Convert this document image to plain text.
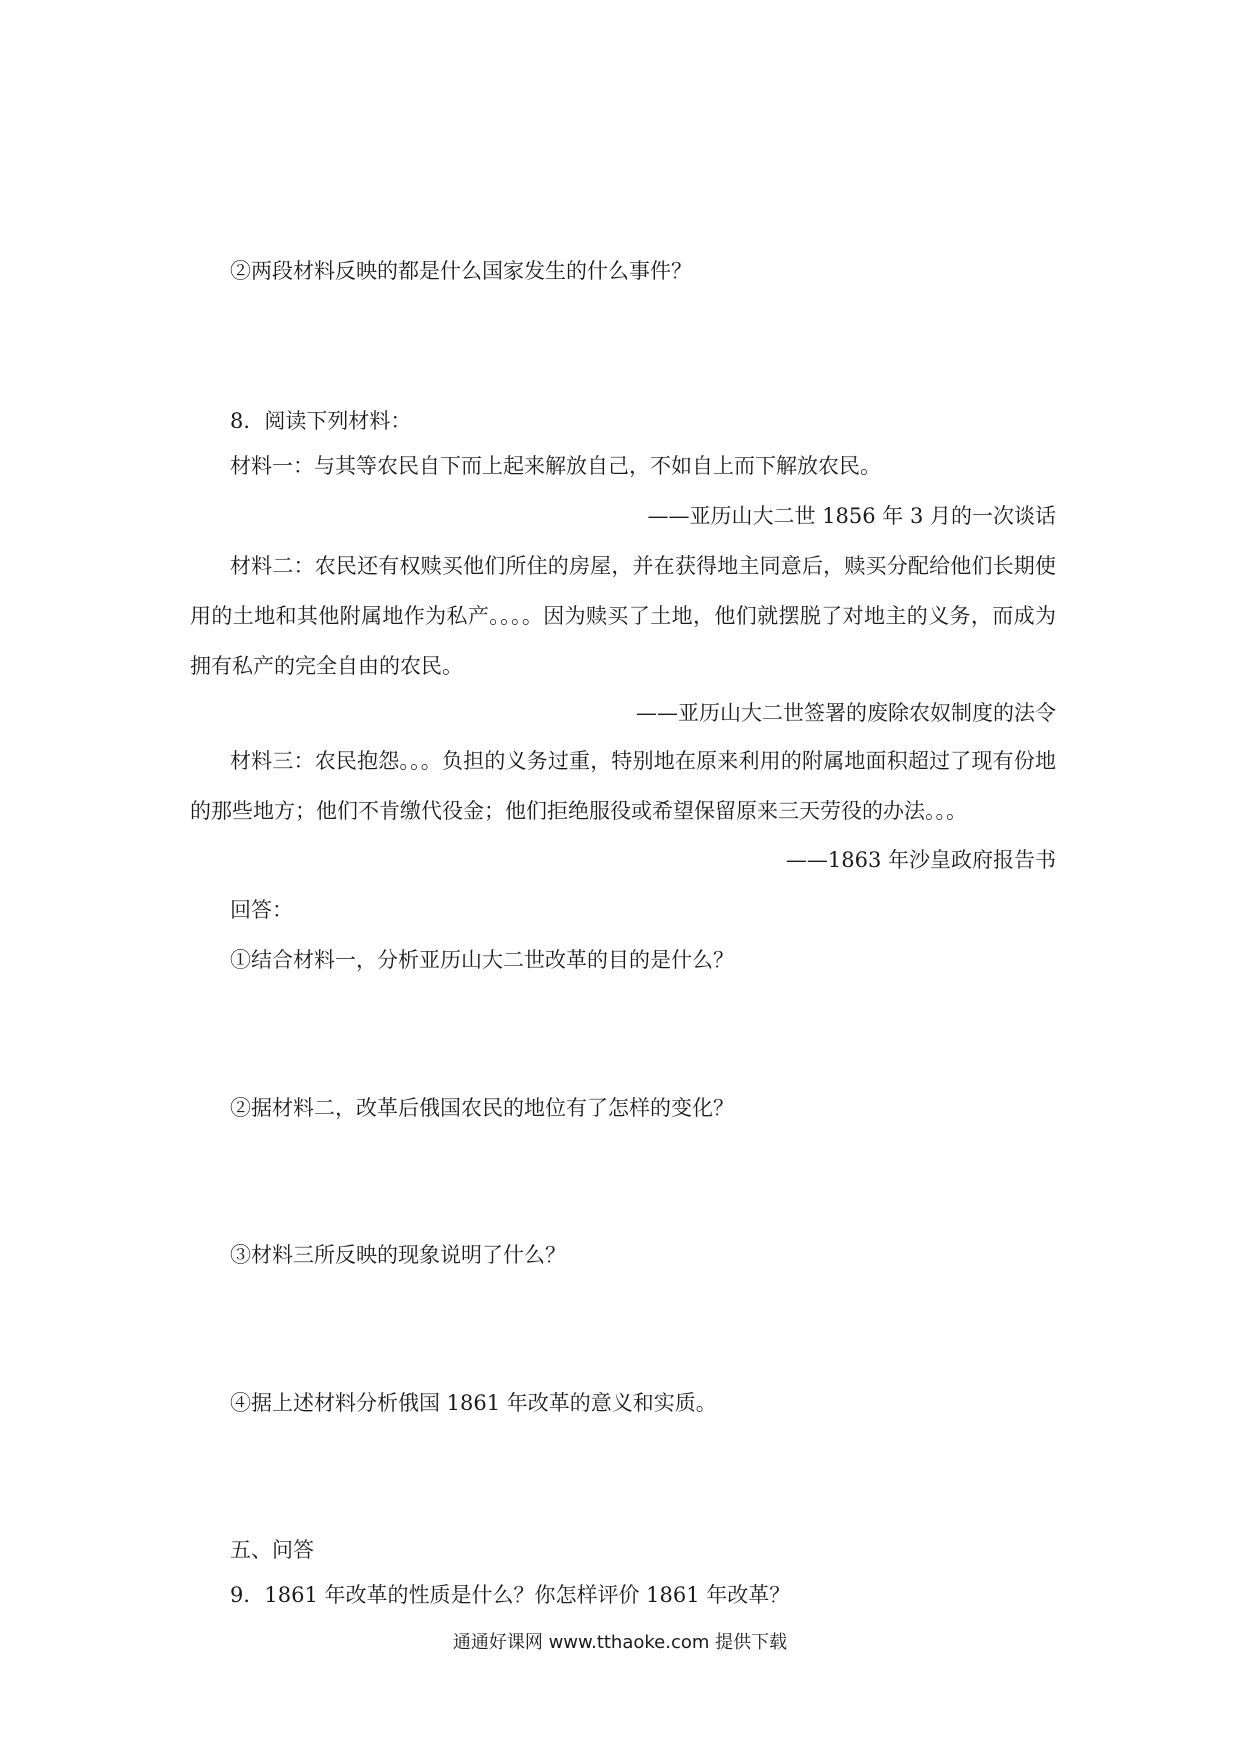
②两段材料反映的都是什么国家发生的什么事件？
8．阅读下列材料：
材料一：与其等农民自下而上起来解放自己，不如自上而下解放农民。
——亚历山大二世 1856 年 3 月的一次谈话

材料二：农民还有权赎买他们所住的房屋，并在获得地主同意后，赎买分配给他们长期使用的土地和其他附属地作为私产。。。。因为赎买了土地，他们就摆脱了对地主的义务，而成为拥有私产的完全自由的农民。

——亚历山大二世签署的废除农奴制度的法令

材料三：农民抱怨。。。负担的义务过重，特别地在原来利用的附属地面积超过了现有份地的那些地方；他们不肯缴代役金；他们拒绝服役或希望保留原来三天劳役的办法。。。

——1863 年沙皇政府报告书
回答：
①结合材料一，分析亚历山大二世改革的目的是什么？
②据材料二，改革后俄国农民的地位有了怎样的变化？
③材料三所反映的现象说明了什么？
④据上述材料分析俄国 1861 年改革的意义和实质。
五、问答
9．1861 年改革的性质是什么？你怎样评价 1861 年改革？
通通好课网 www.tthaoke.com 提供下载
